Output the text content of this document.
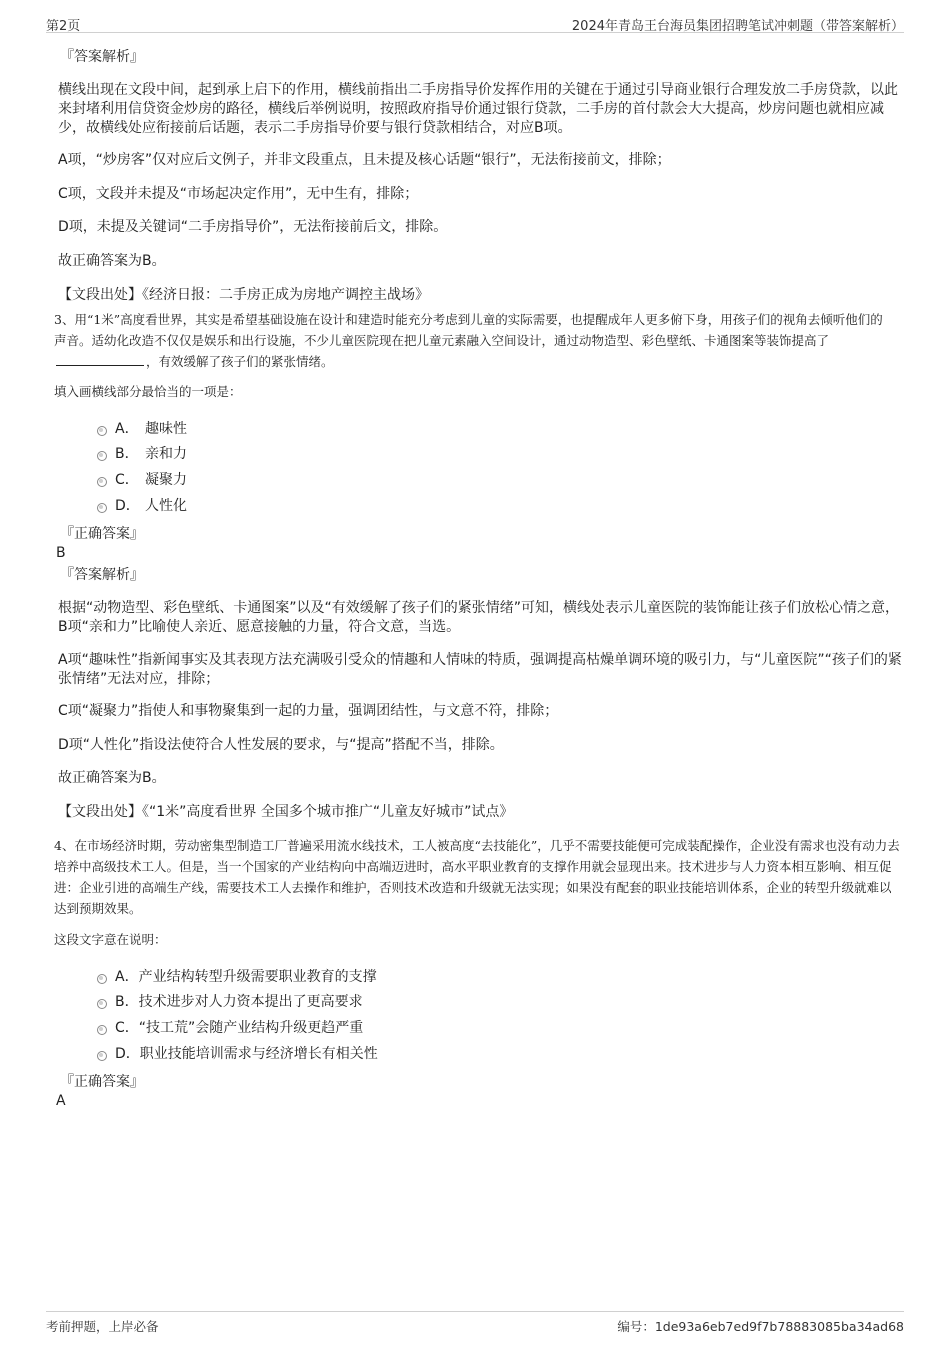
第2页	2024年青岛王台海员集团招聘笔试冲刺题（带答案解析）
『答案解析』
横线出现在文段中间，起到承上启下的作用，横线前指出二手房指导价发挥作用的关键在于通过引导商业银行合理发放二手房贷款，以此来封堵利用信贷资金炒房的路径，横线后举例说明，按照政府指导价通过银行贷款，二手房的首付款会大大提高，炒房问题也就相应减少，故横线处应衔接前后话题，表示二手房指导价要与银行贷款相结合，对应B项。
A项，“炒房客”仅对应后文例子，并非文段重点，且未提及核心话题“银行”，无法衔接前文，排除；
C项，文段并未提及“市场起决定作用”，无中生有，排除；
D项，未提及关键词“二手房指导价”，无法衔接前后文，排除。
故正确答案为B。
【文段出处】《经济日报：二手房正成为房地产调控主战场》
3、用“1米”高度看世界，其实是希望基础设施在设计和建造时能充分考虑到儿童的实际需要，也提醒成年人更多俯下身，用孩子们的视角去倾听他们的声音。适幼化改造不仅仅是娱乐和出行设施，不少儿童医院现在把儿童元素融入空间设计，通过动物造型、彩色壁纸、卡通图案等装饰提高了，有效缓解了孩子们的紧张情绪。
填入画横线部分最恰当的一项是：
A． 趣味性
B． 亲和力
C． 凝聚力
D． 人性化
『正确答案』
B
『答案解析』
根据“动物造型、彩色壁纸、卡通图案”以及“有效缓解了孩子们的紧张情绪”可知，横线处表示儿童医院的装饰能让孩子们放松心情之意，B项“亲和力”比喻使人亲近、愿意接触的力量，符合文意，当选。
A项“趣味性”指新闻事实及其表现方法充满吸引受众的情趣和人情味的特质，强调提高枯燥单调环境的吸引力，与“儿童医院”“孩子们的紧张情绪”无法对应，排除；
C项“凝聚力”指使人和事物聚集到一起的力量，强调团结性，与文意不符，排除；
D项“人性化”指设法使符合人性发展的要求，与“提高”搭配不当，排除。
故正确答案为B。
【文段出处】《“1米”高度看世界 全国多个城市推广“儿童友好城市”试点》
4、在市场经济时期，劳动密集型制造工厂普遍采用流水线技术，工人被高度“去技能化”，几乎不需要技能便可完成装配操作，企业没有需求也没有动力去培养中高级技术工人。但是，当一个国家的产业结构向中高端迈进时，高水平职业教育的支撑作用就会显现出来。技术进步与人力资本相互影响、相互促进：企业引进的高端生产线，需要技术工人去操作和维护，否则技术改造和升级就无法实现；如果没有配套的职业技能培训体系，企业的转型升级就难以达到预期效果。
这段文字意在说明：
A．产业结构转型升级需要职业教育的支撑
B．技术进步对人力资本提出了更高要求
C．“技工荒”会随产业结构升级更趋严重
D．职业技能培训需求与经济增长有相关性
『正确答案』
A
考前押题，上岸必备	编号：1de93a6eb7ed9f7b78883085ba34ad68
